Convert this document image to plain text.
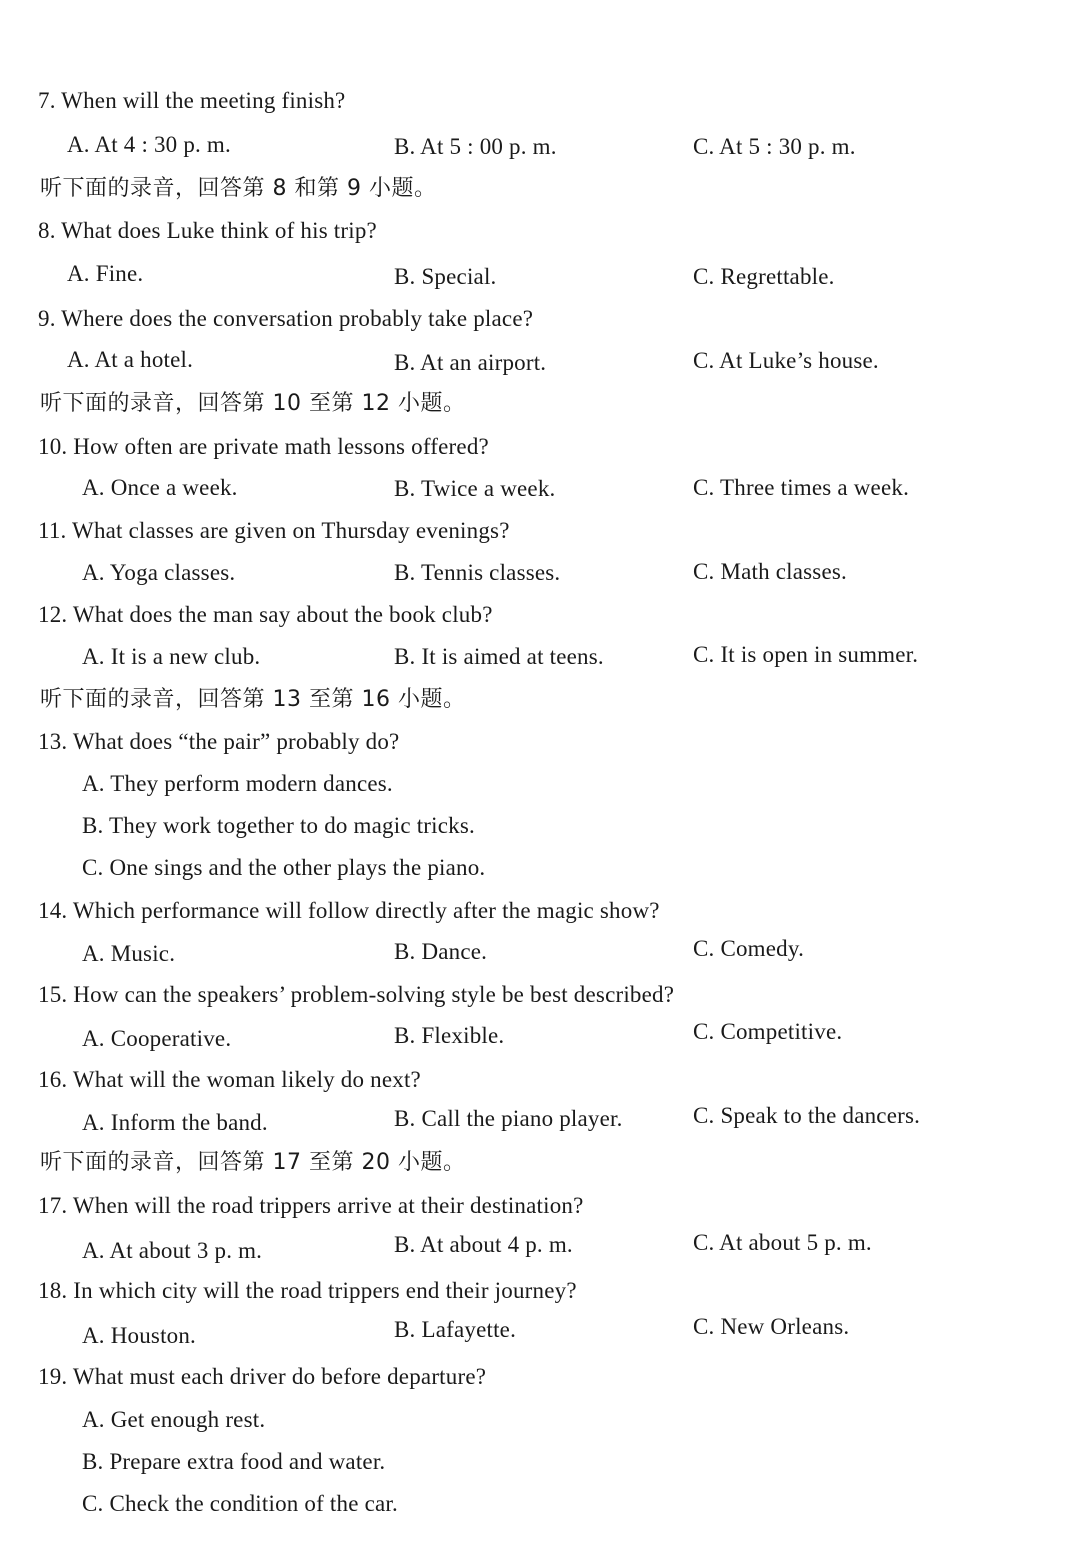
7. When will the meeting finish?
A. At 4 : 30 p. m.	B. At 5 : 00 p. m.	C. At 5 : 30 p. m.
听下面的录音，回答第 8 和第 9 小题。
8. What does Luke think of his trip?
A. Fine.	B. Special.	C. Regrettable.
9. Where does the conversation probably take place?
A. At a hotel.	B. At an airport.	C. At Luke’s house.
听下面的录音，回答第 10 至第 12 小题。
10. How often are private math lessons offered?
A. Once a week.	B. Twice a week.	C. Three times a week.
11. What classes are given on Thursday evenings?
A. Yoga classes.	B. Tennis classes.	C. Math classes.
12. What does the man say about the book club?
A. It is a new club.	B. It is aimed at teens.	C. It is open in summer.
听下面的录音，回答第 13 至第 16 小题。
13. What does “the pair” probably do?
A. They perform modern dances.
B. They work together to do magic tricks.
C. One sings and the other plays the piano.
14. Which performance will follow directly after the magic show?
A. Music.	B. Dance.	C. Comedy.
15. How can the speakers’ problem-solving style be best described?
A. Cooperative.	B. Flexible.	C. Competitive.
16. What will the woman likely do next?
A. Inform the band.	B. Call the piano player.	C. Speak to the dancers.
听下面的录音，回答第 17 至第 20 小题。
17. When will the road trippers arrive at their destination?
A. At about 3 p. m.	B. At about 4 p. m.	C. At about 5 p. m.
18. In which city will the road trippers end their journey?
A. Houston.	B. Lafayette.	C. New Orleans.
19. What must each driver do before departure?
A. Get enough rest.
B. Prepare extra food and water.
C. Check the condition of the car.
